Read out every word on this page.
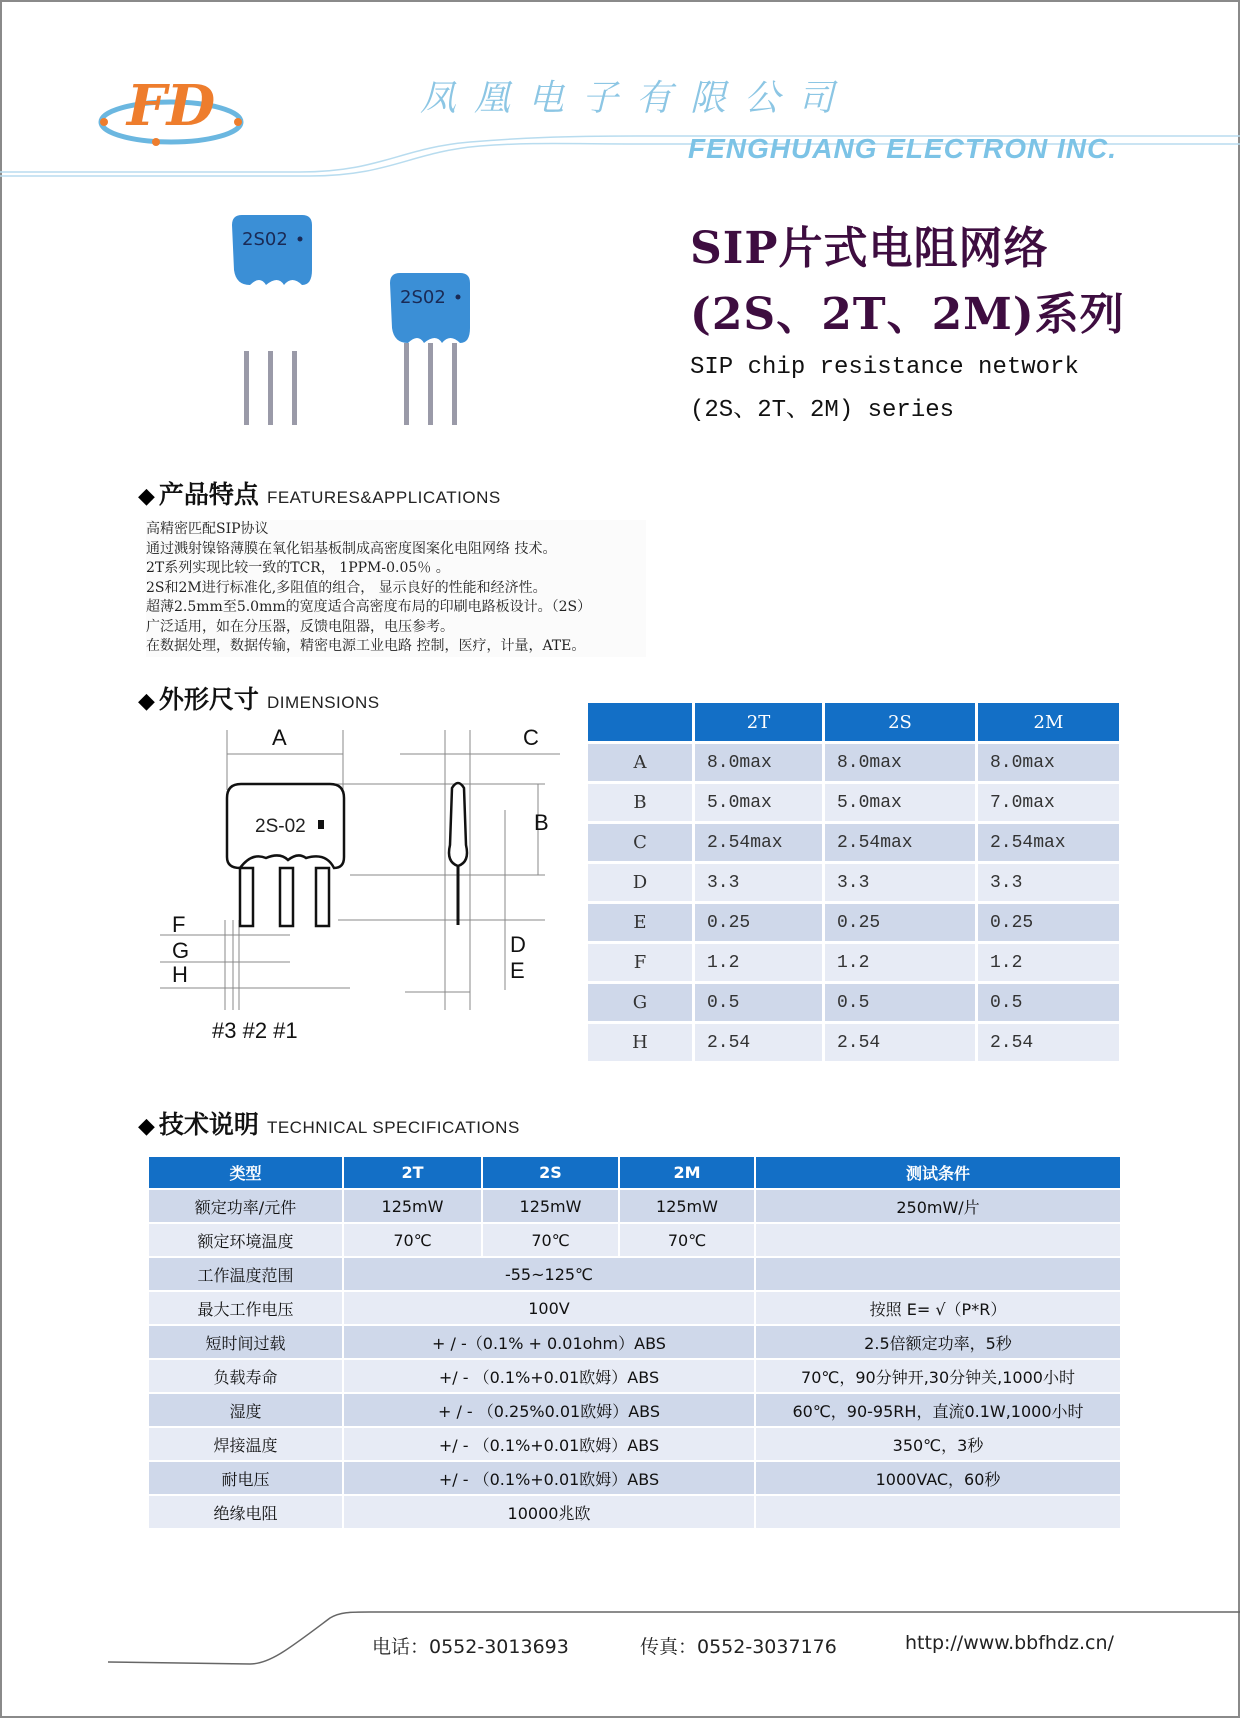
FD	凤凰电子有限公司
FENGHUANG ELECTRON INC.
2S02
2S02
SIP片式电阻网络
(2S、2T、2M)系列
SIP chip resistance network
(2S、2T、2M) series
◆ 产品特点 FEATURES&APPLICATIONS
高精密匹配SIP协议
通过溅射镍铬薄膜在氧化铝基板制成高密度图案化电阻网络 技术。
2T系列实现比较一致的TCR， 1PPM-0.05％ 。
2S和2M进行标准化,多阻值的组合， 显示良好的性能和经济性。
超薄2.5mm至5.0mm的宽度适合高密度布局的印刷电路板设计。（2S）
广泛适用，如在分压器，反馈电阻器，电压参考。
在数据处理，数据传输，精密电源工业电路 控制，医疗，计量，ATE。
◆ 外形尺寸 DIMENSIONS
2S-02
A
B
C
D
E
F
G
H
#3 #2 #1
	2T	2S	2M
A	8.0max	8.0max	8.0max
B	5.0max	5.0max	7.0max
C	2.54max	2.54max	2.54max
D	3.3	3.3	3.3
E	0.25	0.25	0.25
F	1.2	1.2	1.2
G	0.5	0.5	0.5
H	2.54	2.54	2.54
◆ 技术说明 TECHNICAL SPECIFICATIONS
类型	2T	2S	2M	测试条件
额定功率/元件	125mW	125mW	125mW	250mW/片
额定环境温度	70℃	70℃	70℃	
工作温度范围	-55~125℃			
最大工作电压	100V			按照 E= √（P*R）
短时间过载	+ / -（0.1% + 0.01ohm）ABS			2.5倍额定功率，5秒
负载寿命	+/ - （0.1%+0.01欧姆）ABS			70℃，90分钟开,30分钟关,1000小时
湿度	+ / - （0.25%0.01欧姆）ABS			60℃，90-95RH，直流0.1W,1000小时
焊接温度	+/ - （0.1%+0.01欧姆）ABS			350℃，3秒
耐电压	+/ - （0.1%+0.01欧姆）ABS			1000VAC，60秒
绝缘电阻	10000兆欧			
电话：0552-3013693	传真：0552-3037176	http://www.bbfhdz.cn/
